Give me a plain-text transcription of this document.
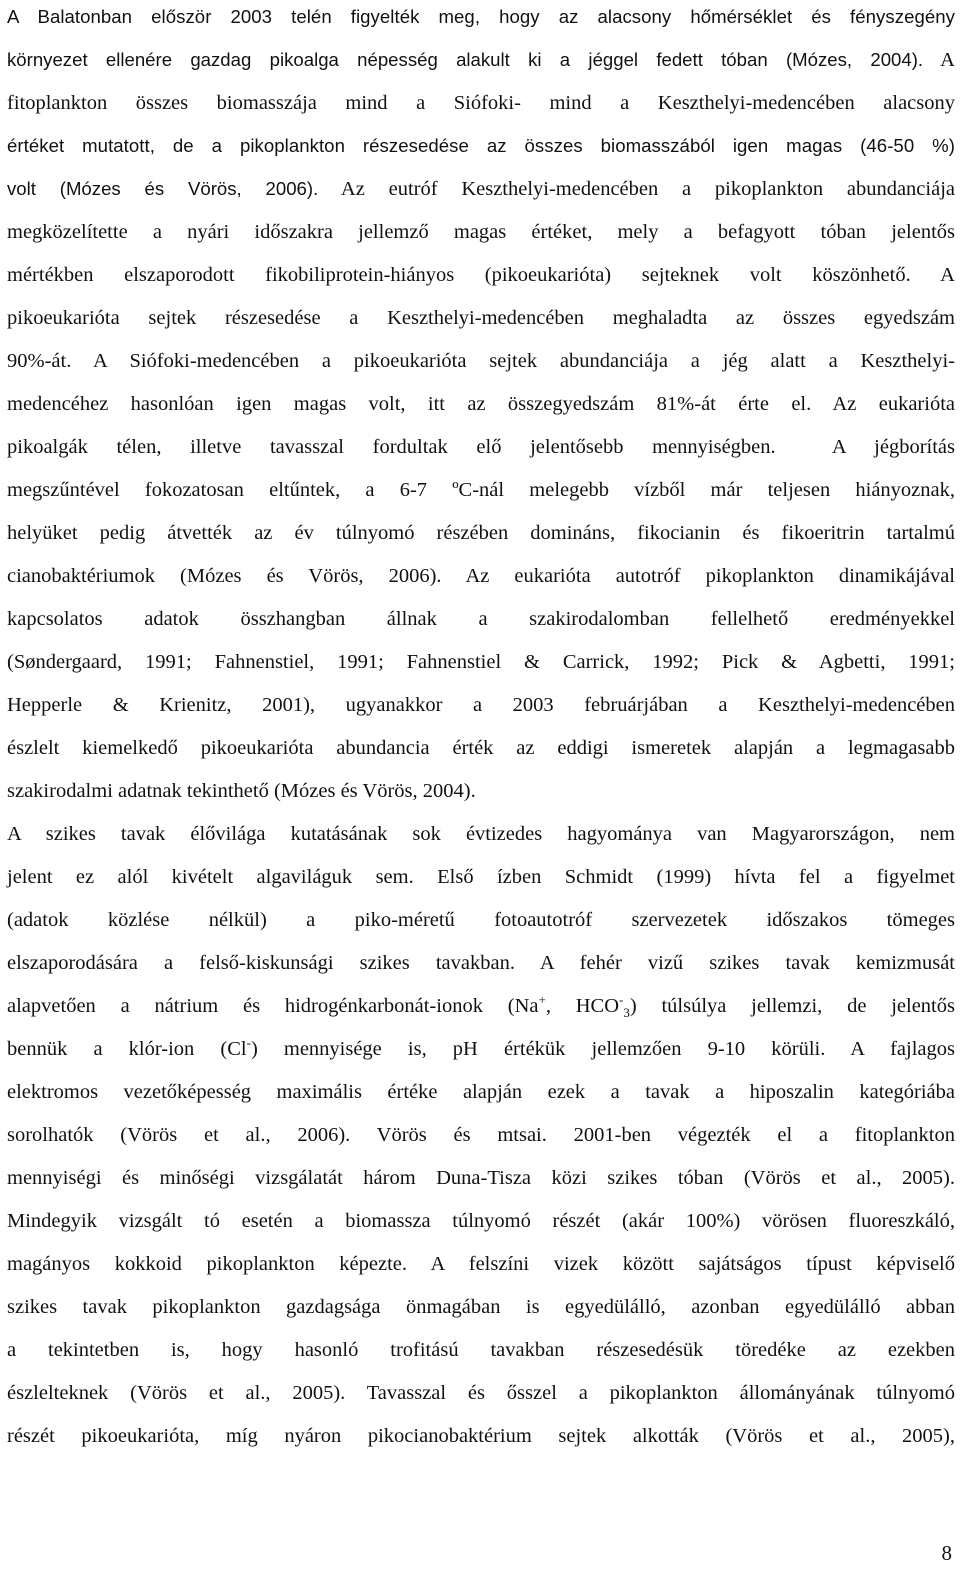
A Balatonban először 2003 telén figyelték meg, hogy az alacsony hőmérséklet és fényszegény
környezet ellenére gazdag pikoalga népesség alakult ki a jéggel fedett tóban (Mózes, 2004). A
fitoplankton összes biomasszája mind a Siófoki- mind a Keszthelyi-medencében alacsony
értéket mutatott, de a pikoplankton részesedése az összes biomasszából igen magas (46-50 %)
volt (Mózes és Vörös, 2006). Az eutróf Keszthelyi-medencében a pikoplankton abundanciája
megközelítette a nyári időszakra jellemző magas értéket, mely a befagyott tóban jelentős
mértékben elszaporodott fikobiliprotein-hiányos (pikoeukarióta) sejteknek volt köszönhető. A
pikoeukarióta sejtek részesedése a Keszthelyi-medencében meghaladta az összes egyedszám
90%-át. A Siófoki-medencében a pikoeukarióta sejtek abundanciája a jég alatt a Keszthelyi-
medencéhez hasonlóan igen magas volt, itt az összegyedszám 81%-át érte el. Az eukarióta
pikoalgák télen, illetve tavasszal fordultak elő jelentősebb mennyiségben.  A jégborítás
megszűntével fokozatosan eltűntek, a 6-7 ºC-nál melegebb vízből már teljesen hiányoznak,
helyüket pedig átvették az év túlnyomó részében domináns, fikocianin és fikoeritrin tartalmú
cianobaktériumok (Mózes és Vörös, 2006). Az eukarióta autotróf pikoplankton dinamikájával
kapcsolatos adatok összhangban állnak a szakirodalomban fellelhető eredményekkel
(Søndergaard, 1991; Fahnenstiel, 1991; Fahnenstiel & Carrick, 1992; Pick & Agbetti, 1991;
Hepperle & Krienitz, 2001), ugyanakkor a 2003 februárjában a Keszthelyi-medencében
észlelt kiemelkedő pikoeukarióta abundancia érték az eddigi ismeretek alapján a legmagasabb
szakirodalmi adatnak tekinthető (Mózes és Vörös, 2004).
A szikes tavak élővilága kutatásának sok évtizedes hagyománya van Magyarországon, nem
jelent ez alól kivételt algaviláguk sem. Első ízben Schmidt (1999) hívta fel a figyelmet
(adatok közlése nélkül) a piko-méretű fotoautotróf szervezetek időszakos tömeges
elszaporodására a felső-kiskunsági szikes tavakban. A fehér vizű szikes tavak kemizmusát
alapvetően a nátrium és hidrogénkarbonát-ionok (Na+, $HCO^-_3$) túlsúlya jellemzi, de jelentős
bennük a klór-ion (Cl-) mennyisége is, pH értékük jellemzően 9-10 körüli. A fajlagos
elektromos vezetőképesség maximális értéke alapján ezek a tavak a hiposzalin kategóriába
sorolhatók (Vörös et al., 2006). Vörös és mtsai. 2001-ben végezték el a fitoplankton
mennyiségi és minőségi vizsgálatát három Duna-Tisza közi szikes tóban (Vörös et al., 2005).
Mindegyik vizsgált tó esetén a biomassza túlnyomó részét (akár 100%) vörösen fluoreszkáló,
magányos kokkoid pikoplankton képezte. A felszíni vizek között sajátságos típust képviselő
szikes tavak pikoplankton gazdagsága önmagában is egyedülálló, azonban egyedülálló abban
a tekintetben is, hogy hasonló trofitású tavakban részesedésük töredéke az ezekben
észlelteknek (Vörös et al., 2005). Tavasszal és ősszel a pikoplankton állományának túlnyomó
részét pikoeukarióta, míg nyáron pikocianobaktérium sejtek alkották (Vörös et al., 2005),
8
